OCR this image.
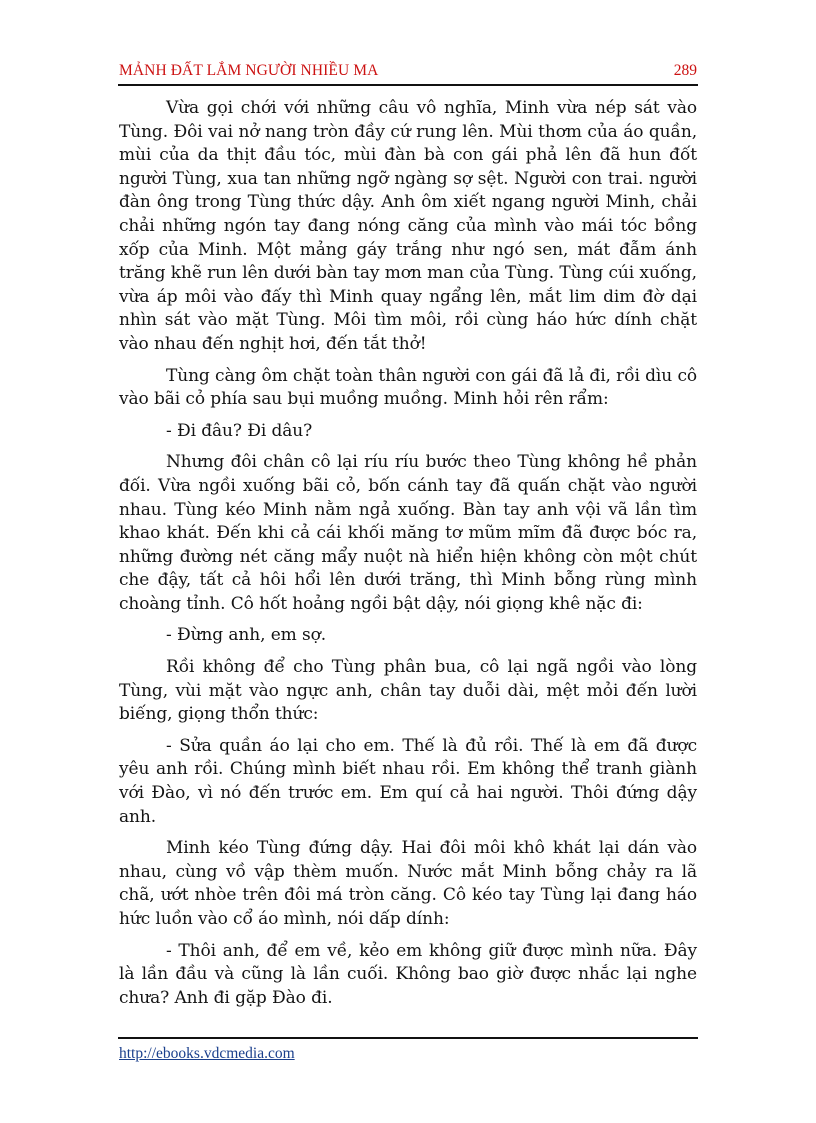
MẢNH ĐẤT LẮM NGƯỜI NHIỀU MA	289

Vừa gọi chới với những câu vô nghĩa, Minh vừa nép sát vào Tùng. Đôi vai nở nang tròn đầy cứ rung lên. Mùi thơm của áo quần, mùi của da thịt đầu tóc, mùi đàn bà con gái phả lên đã hun đốt người Tùng, xua tan những ngỡ ngàng sợ sệt. Người con trai. người đàn ông trong Tùng thức dậy. Anh ôm xiết ngang người Minh, chải chải những ngón tay đang nóng căng của mình vào mái tóc bồng xốp của Minh. Một mảng gáy trắng như ngó sen, mát đẫm ánh trăng khẽ run lên dưới bàn tay mơn man của Tùng. Tùng cúi xuống, vừa áp môi vào đấy thì Minh quay ngẩng lên, mắt lim dim đờ dại nhìn sát vào mặt Tùng. Môi tìm môi, rồi cùng háo hức dính chặt vào nhau đến nghịt hơi, đến tắt thở!

Tùng càng ôm chặt toàn thân người con gái đã lả đi, rồi dìu cô vào bãi cỏ phía sau bụi muồng muồng. Minh hỏi rên rẩm:

- Đi đâu? Đi dâu?

Nhưng đôi chân cô lại ríu ríu bước theo Tùng không hề phản đối. Vừa ngồi xuống bãi cỏ, bốn cánh tay đã quấn chặt vào người nhau. Tùng kéo Minh nằm ngả xuống. Bàn tay anh vội vã lần tìm khao khát. Đến khi cả cái khối măng tơ mũm mĩm đã được bóc ra, những đường nét căng mẩy nuột nà hiển hiện không còn một chút che đậy, tất cả hôi hổi lên dưới trăng, thì Minh bỗng rùng mình choàng tỉnh. Cô hốt hoảng ngồi bật dậy, nói giọng khê nặc đi:

- Đừng anh, em sợ.

Rồi không để cho Tùng phân bua, cô lại ngã ngồi vào lòng Tùng, vùi mặt vào ngực anh, chân tay duỗi dài, mệt mỏi đến lười biếng, giọng thổn thức:

- Sửa quần áo lại cho em. Thế là đủ rồi. Thế là em đã được yêu anh rồi. Chúng mình biết nhau rồi. Em không thể tranh giành với Đào, vì nó đến trước em. Em quí cả hai người. Thôi đứng dậy anh.

Minh kéo Tùng đứng dậy. Hai đôi môi khô khát lại dán vào nhau, cùng vồ vập thèm muốn. Nước mắt Minh bỗng chảy ra lã chã, ướt nhòe trên đôi má tròn căng. Cô kéo tay Tùng lại đang háo hức luồn vào cổ áo mình, nói dấp dính:

- Thôi anh, để em về, kẻo em không giữ được mình nữa. Đây là lần đầu và cũng là lần cuối. Không bao giờ được nhắc lại nghe chưa? Anh đi gặp Đào đi.

http://ebooks.vdcmedia.com
